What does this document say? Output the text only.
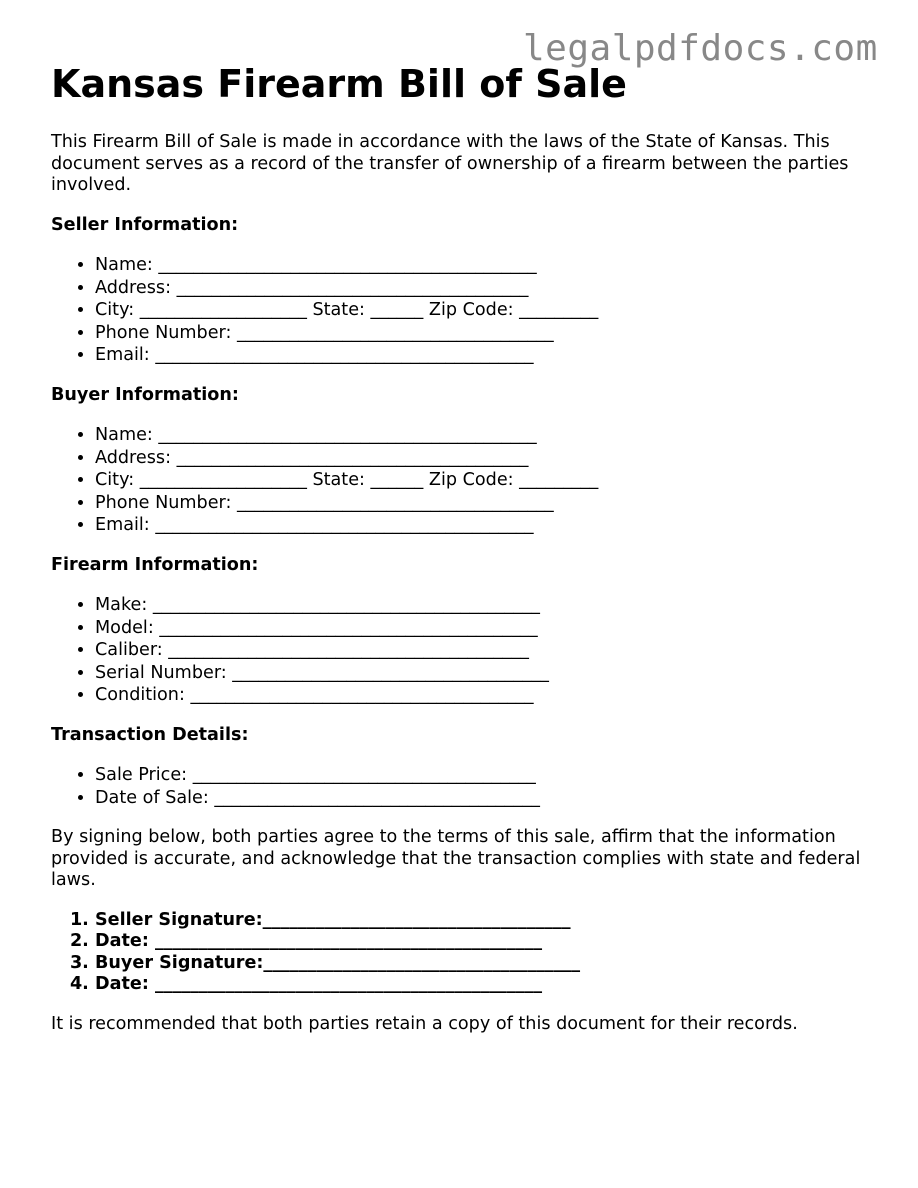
legalpdfdocs.com
Kansas Firearm Bill of Sale

This Firearm Bill of Sale is made in accordance with the laws of the State of Kansas. This document serves as a record of the transfer of ownership of a firearm between the parties involved.

Seller Information:

• Name: ___________________________________________
• Address: ________________________________________
• City: ___________________ State: ______ Zip Code: _________
• Phone Number: ____________________________________
• Email: ___________________________________________

Buyer Information:

• Name: ___________________________________________
• Address: ________________________________________
• City: ___________________ State: ______ Zip Code: _________
• Phone Number: ____________________________________
• Email: ___________________________________________

Firearm Information:

• Make: ____________________________________________
• Model: ___________________________________________
• Caliber: _________________________________________
• Serial Number: ____________________________________
• Condition: _______________________________________

Transaction Details:

• Sale Price: _______________________________________
• Date of Sale: _____________________________________

By signing below, both parties agree to the terms of this sale, affirm that the information provided is accurate, and acknowledge that the transaction complies with state and federal laws.

1. Seller Signature:___________________________________
2. Date: ____________________________________________
3. Buyer Signature:____________________________________
4. Date: ____________________________________________

It is recommended that both parties retain a copy of this document for their records.
